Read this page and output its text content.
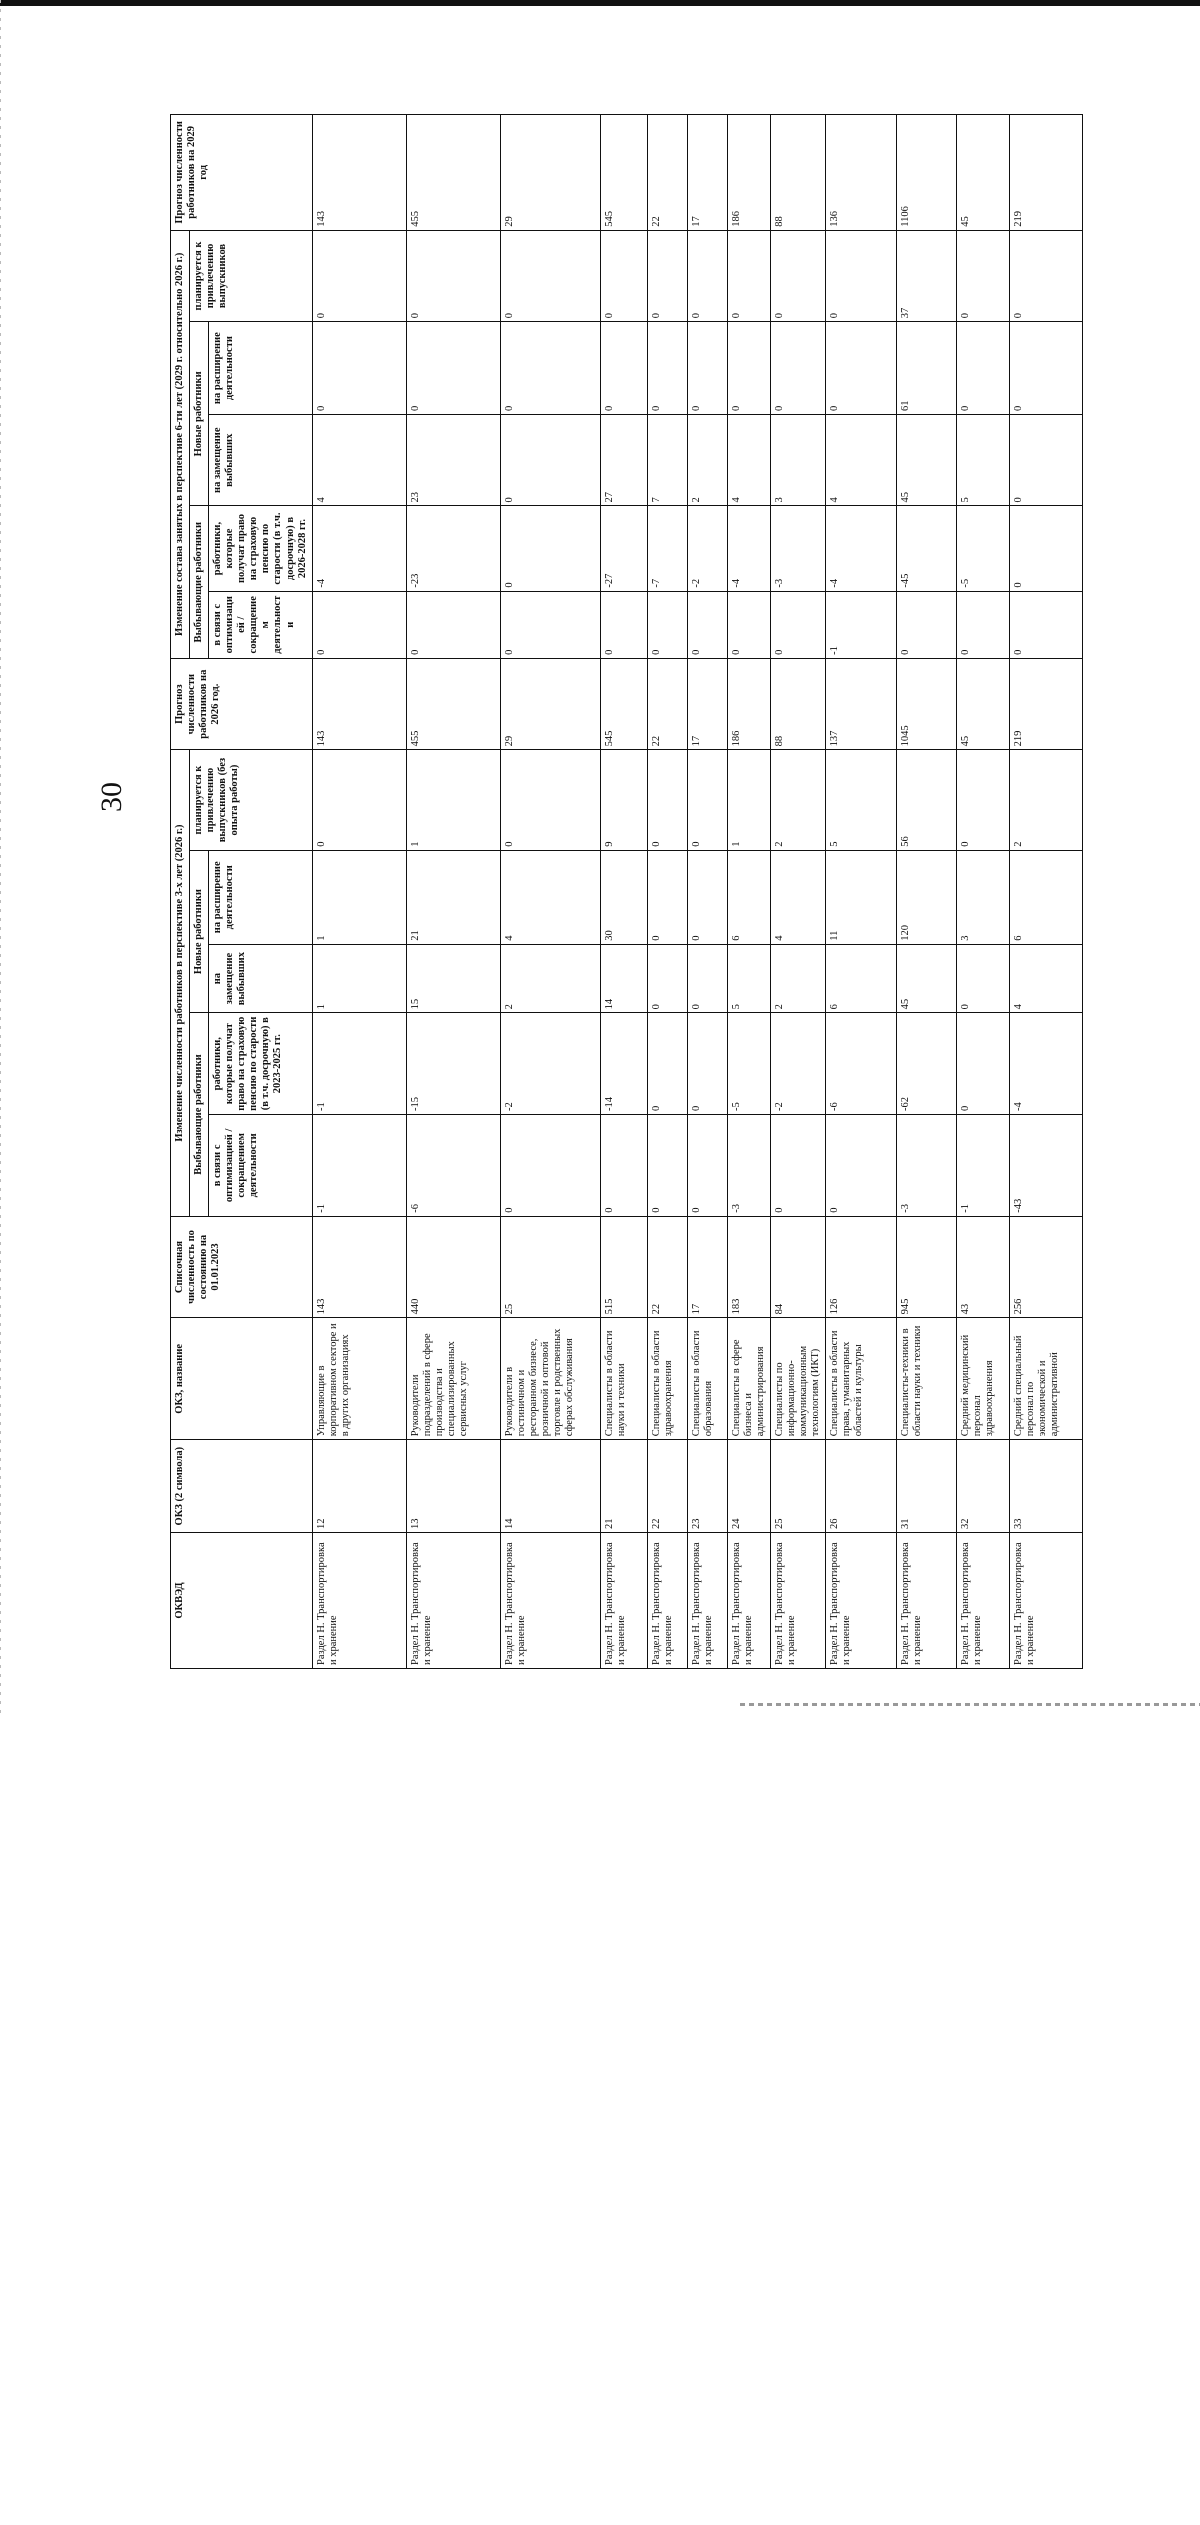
30
ОКВЭД	ОКЗ (2 символа)	ОКЗ, название	Списочная численность по состоянию на 01.01.2023	Изменение численности работников в перспективе 3-х лет (2026 г.)					Прогноз численности работников на 2026 год.	Изменение состава занятых в перспективе 6-ти лет (2029 г. относительно 2026 г.)					Прогноз численности работников на 2029 год
				Выбывающие работники		Новые работники		планируется к привлечению выпускников (без опыта работы)		Выбывающие работники		Новые работники		планируется к привлечению выпускников	
				в связи с оптимизацией / сокращением деятельности	работники, которые получат право на страховую пенсию по старости (в т.ч. досрочную) в 2023-2025 гг.	на замещение выбывших	на расширение деятельности			в связи с оптимизацией / сокращением деятельности	работники, которые получат право на страховую пенсию по старости (в т.ч. досрочную) в 2026-2028 гг.	на замещение выбывших	на расширение деятельности		
Раздел H. Транспортировка и хранение	12	Управляющие в корпоративном секторе и в других организациях	143	-1	-1	1	1	0	143	0	-4	4	0	0	143
Раздел H. Транспортировка и хранение	13	Руководители подразделений в сфере производства и специализированных сервисных услуг	440	-6	-15	15	21	1	455	0	-23	23	0	0	455
Раздел H. Транспортировка и хранение	14	Руководители в гостиничном и ресторанном бизнесе, розничной и оптовой торговле и родственных сферах обслуживания	25	0	-2	2	4	0	29	0	0	0	0	0	29
Раздел H. Транспортировка и хранение	21	Специалисты в области науки и техники	515	0	-14	14	30	9	545	0	-27	27	0	0	545
Раздел H. Транспортировка и хранение	22	Специалисты в области здравоохранения	22	0	0	0	0	0	22	0	-7	7	0	0	22
Раздел H. Транспортировка и хранение	23	Специалисты в области образования	17	0	0	0	0	0	17	0	-2	2	0	0	17
Раздел H. Транспортировка и хранение	24	Специалисты в сфере бизнеса и администрирования	183	-3	-5	5	6	1	186	0	-4	4	0	0	186
Раздел H. Транспортировка и хранение	25	Специалисты по информационно-коммуникационным технологиям (ИКТ)	84	0	-2	2	4	2	88	0	-3	3	0	0	88
Раздел H. Транспортировка и хранение	26	Специалисты в области права, гуманитарных областей и культуры	126	0	-6	6	11	5	137	-1	-4	4	0	0	136
Раздел H. Транспортировка и хранение	31	Специалисты-техники в области науки и техники	945	-3	-62	45	120	56	1045	0	-45	45	61	37	1106
Раздел H. Транспортировка и хранение	32	Средний медицинский персонал здравоохранения	43	-1	0	0	3	0	45	0	-5	5	0	0	45
Раздел H. Транспортировка и хранение	33	Средний специальный персонал по экономической и административной	256	-43	-4	4	6	2	219	0	0	0	0	0	219
